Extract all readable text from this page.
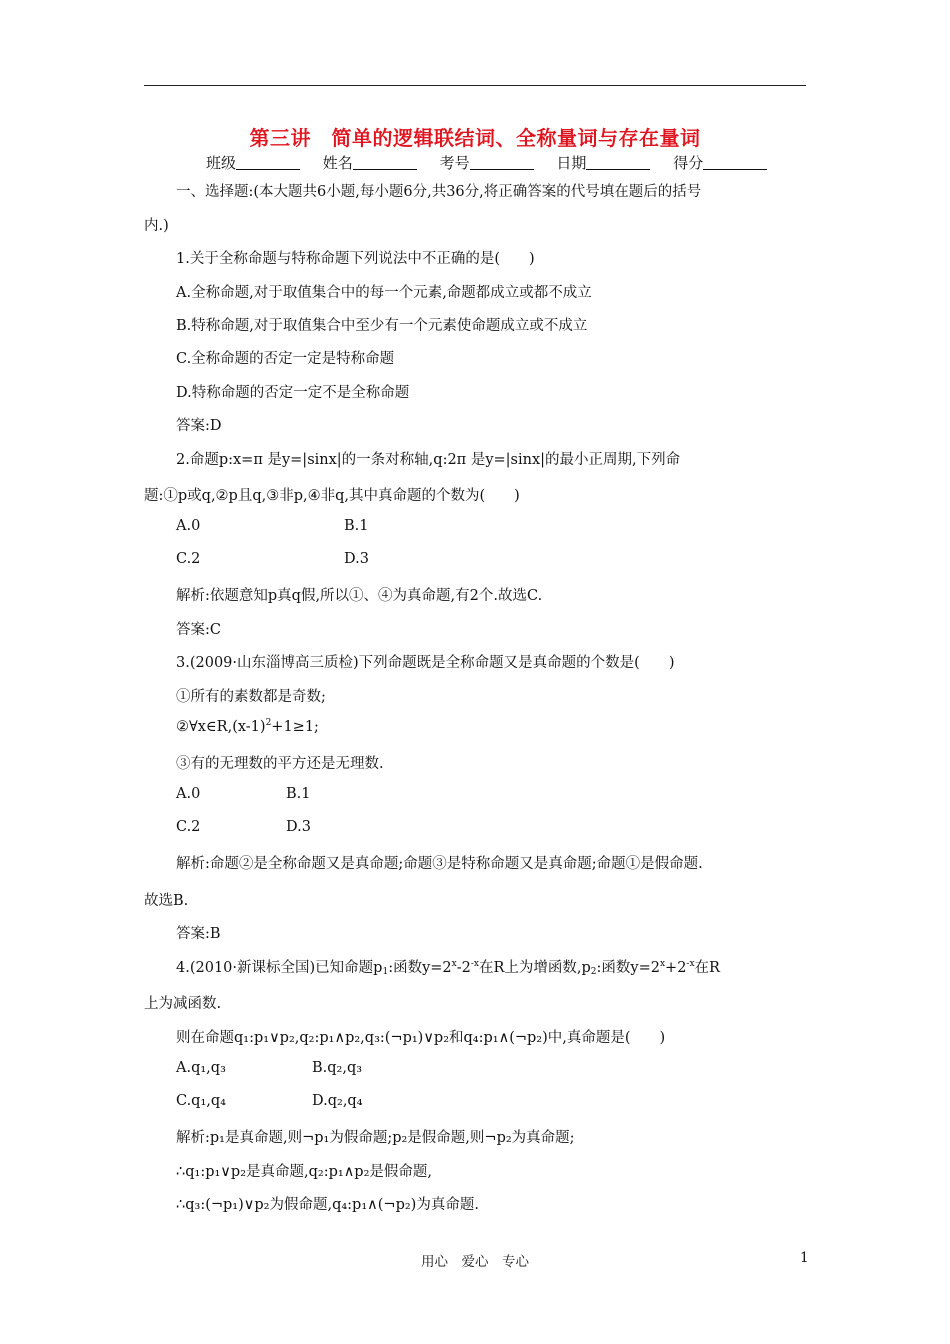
第三讲　简单的逻辑联结词、全称量词与存在量词
班级	姓名	考号	日期	得分
一、选择题:(本大题共6小题,每小题6分,共36分,将正确答案的代号填在题后的括号
内.)
1.关于全称命题与特称命题下列说法中不正确的是(　　)
A.全称命题,对于取值集合中的每一个元素,命题都成立或都不成立
B.特称命题,对于取值集合中至少有一个元素使命题成立或不成立
C.全称命题的否定一定是特称命题
D.特称命题的否定一定不是全称命题
答案:D
2.命题p:x=π 是y=|sinx|的一条对称轴,q:2π 是y=|sinx|的最小正周期,下列命
题:①p或q,②p且q,③非p,④非q,其中真命题的个数为(　　)
A.0	B.1
C.2	D.3
解析:依题意知p真q假,所以①、④为真命题,有2个.故选C.
答案:C
3.(2009·山东淄博高三质检)下列命题既是全称命题又是真命题的个数是(　　)
①所有的素数都是奇数;
$②\forall x\in R,(x-1)^2+1\ge 1$;
③有的无理数的平方还是无理数.
A.0	B.1
C.2	D.3
解析:命题②是全称命题又是真命题;命题③是特称命题又是真命题;命题①是假命题.
故选B.
答案:B
4.(2010·新课标全国)已知命题$p_1$:函数$y=2^x-2^{-x}$在R上为增函数$,p_2$:函数$y=2^x+2^{-x}$在R
上为减函数.
则在命题q₁:p₁∨p₂,q₂:p₁∧p₂,q₃:(¬p₁)∨p₂和q₄:p₁∧(¬p₂)中,真命题是(　　)
A.q₁,q₃	B.q₂,q₃
C.q₁,q₄	D.q₂,q₄
解析:p₁是真命题,则¬p₁为假命题;p₂是假命题,则¬p₂为真命题;
∴q₁:p₁∨p₂是真命题,q₂:p₁∧p₂是假命题,
∴q₃:(¬p₁)∨p₂为假命题,q₄:p₁∧(¬p₂)为真命题.
用心　爱心　专心	1
